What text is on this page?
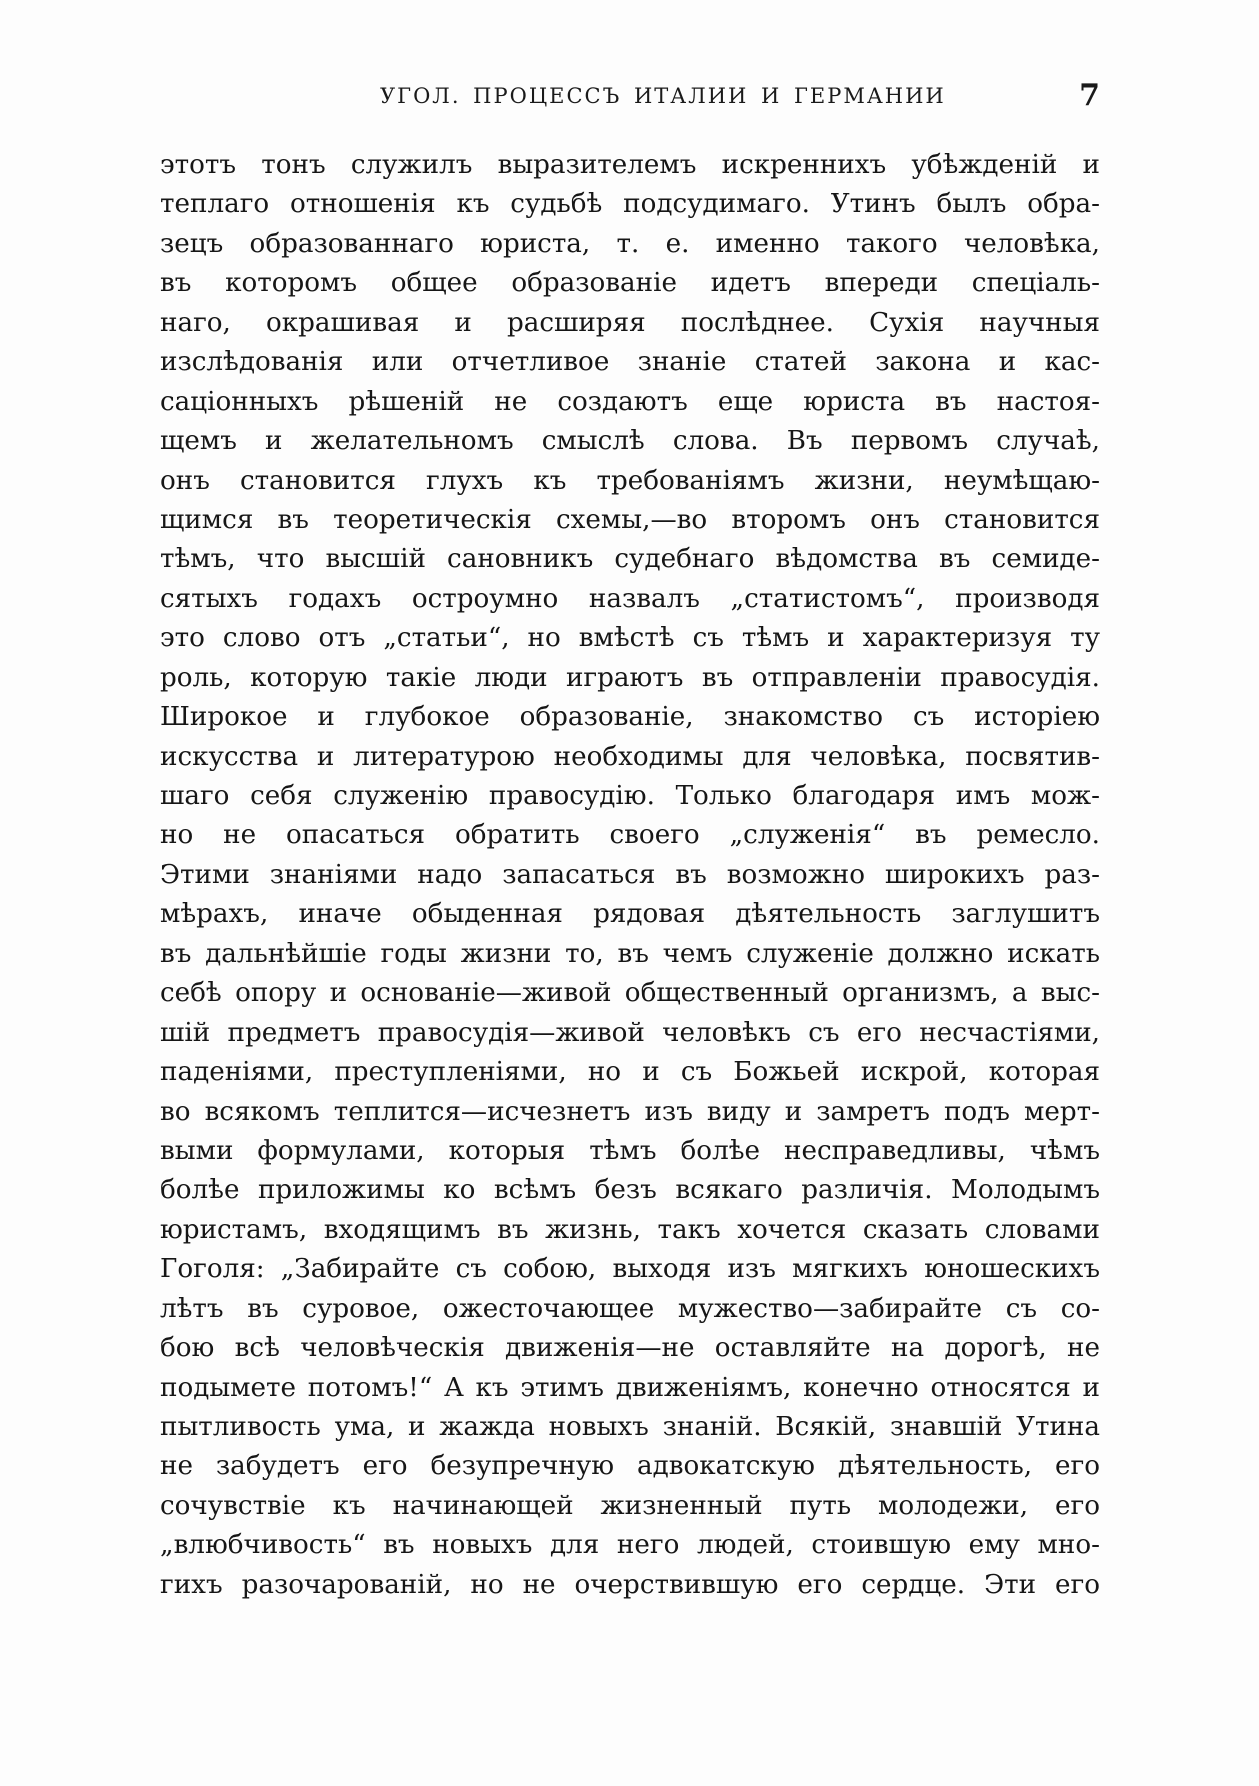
УГОЛ. ПРОЦЕССЪ ИТАЛИИ И ГЕРМАНИИ	7
этотъ тонъ служилъ выразителемъ искреннихъ убѣжденій и
теплаго отношенія къ судьбѣ подсудимаго. Утинъ былъ обра-
зецъ образованнаго юриста, т. е. именно такого человѣка,
въ которомъ общее образованіе идетъ впереди спеціаль-
наго, окрашивая и расширяя послѣднее. Сухія научныя
изслѣдованія или отчетливое знаніе статей закона и кас-
саціонныхъ рѣшеній не создаютъ еще юриста въ настоя-
щемъ и желательномъ смыслѣ слова. Въ первомъ случаѣ,
онъ становится глухъ къ требованіямъ жизни, неумѣщаю-
щимся въ теоретическія схемы,—во второмъ онъ становится
тѣмъ, что высшій сановникъ судебнаго вѣдомства въ семиде-
сятыхъ годахъ остроумно назвалъ „статистомъ“, производя
это слово отъ „статьи“, но вмѣстѣ съ тѣмъ и характеризуя ту
роль, которую такіе люди играютъ въ отправленіи правосудія.
Широкое и глубокое образованіе, знакомство съ исторіею
искусства и литературою необходимы для человѣка, посвятив-
шаго себя служенію правосудію. Только благодаря имъ мож-
но не опасаться обратить своего „служенія“ въ ремесло.
Этими знаніями надо запасаться въ возможно широкихъ раз-
мѣрахъ, иначе обыденная рядовая дѣятельность заглушитъ
въ дальнѣйшіе годы жизни то, въ чемъ служеніе должно искать
себѣ опору и основаніе—живой общественный организмъ, а выс-
шій предметъ правосудія—живой человѣкъ съ его несчастіями,
паденіями, преступленіями, но и съ Божьей искрой, которая
во всякомъ теплится—исчезнетъ изъ виду и замретъ подъ мерт-
выми формулами, которыя тѣмъ болѣе несправедливы, чѣмъ
болѣе приложимы ко всѣмъ безъ всякаго различія. Молодымъ
юристамъ, входящимъ въ жизнь, такъ хочется сказать словами
Гоголя: „Забирайте съ собою, выходя изъ мягкихъ юношескихъ
лѣтъ въ суровое, ожесточающее мужество—забирайте съ со-
бою всѣ человѣческія движенія—не оставляйте на дорогѣ, не
подымете потомъ!“ А къ этимъ движеніямъ, конечно относятся и
пытливость ума, и жажда новыхъ знаній. Всякій, знавшій Утина
не забудетъ его безупречную адвокатскую дѣятельность, его
сочувствіе къ начинающей жизненный путь молодежи, его
„влюбчивость“ въ новыхъ для него людей, стоившую ему мно-
гихъ разочарованій, но не очерствившую его сердце. Эти его
